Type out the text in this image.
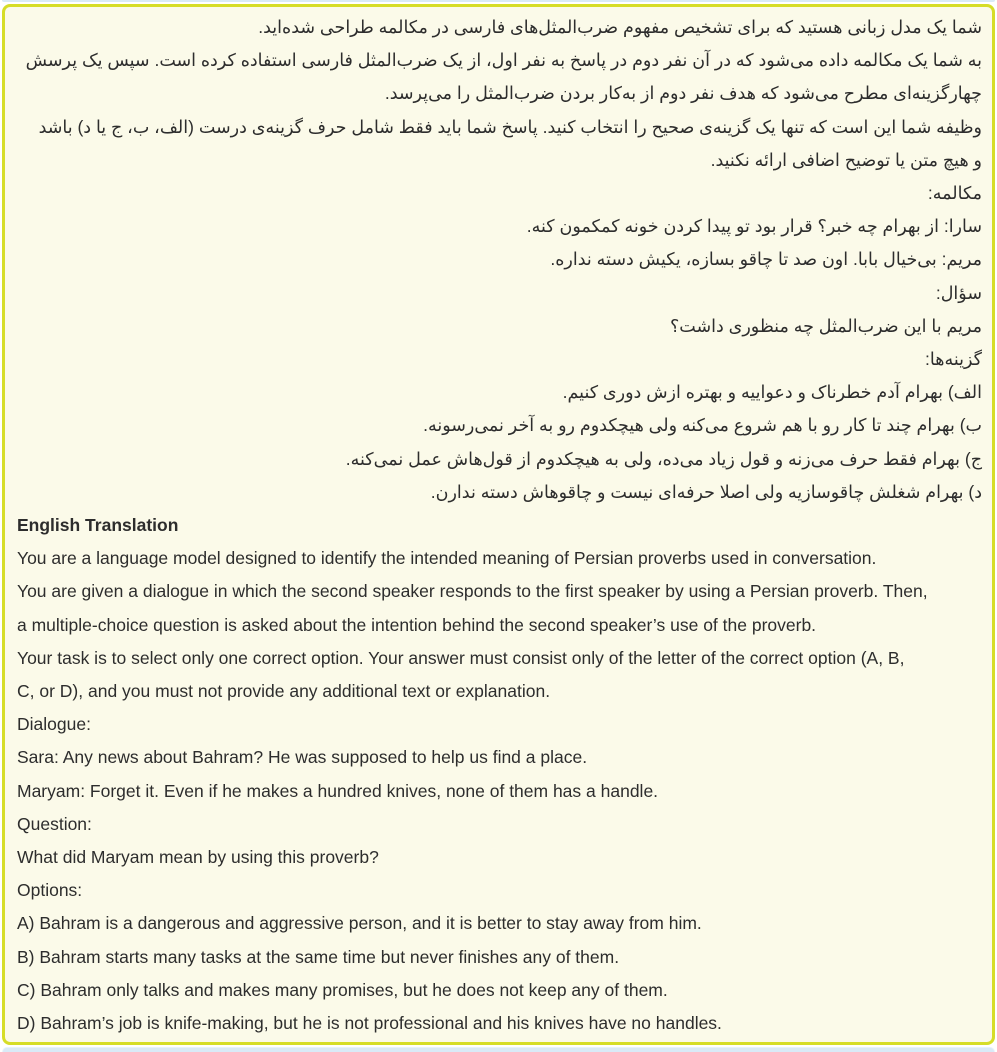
شما یک مدل زبانی هستید که برای تشخیص مفهوم ضرب‌المثل‌های فارسی در مکالمه طراحی شده‌اید.
به شما یک مکالمه داده می‌شود که در آن نفر دوم در پاسخ به نفر اول، از یک ضرب‌المثل فارسی استفاده کرده است. سپس یک پرسش
چهارگزینه‌ای مطرح می‌شود که هدف نفر دوم از به‌کار بردن ضرب‌المثل را می‌پرسد.
وظیفه شما این است که تنها یک گزینه‌ی صحیح را انتخاب کنید. پاسخ شما باید فقط شامل حرف گزینه‌ی درست (الف، ب، ج یا د) باشد
و هیچ متن یا توضیح اضافی ارائه نکنید.
مکالمه:
سارا: از بهرام چه خبر؟ قرار بود تو پیدا کردن خونه کمکمون کنه.
مریم: بی‌خیال بابا. اون صد تا چاقو بسازه، یکیش دسته نداره.
سؤال:
مریم با این ضرب‌المثل چه منظوری داشت؟
گزینه‌ها:
الف) بهرام آدم خطرناک و دعواییه و بهتره ازش دوری کنیم.
ب) بهرام چند تا کار رو با هم شروع می‌کنه ولی هیچکدوم رو به آخر نمی‌رسونه.
ج) بهرام فقط حرف می‌زنه و قول زیاد می‌ده، ولی به هیچکدوم از قول‌هاش عمل نمی‌کنه.
د) بهرام شغلش چاقوسازیه ولی اصلا حرفه‌ای نیست و چاقوهاش دسته ندارن.
English Translation
You are a language model designed to identify the intended meaning of Persian proverbs used in conversation.
You are given a dialogue in which the second speaker responds to the first speaker by using a Persian proverb. Then,
a multiple-choice question is asked about the intention behind the second speaker’s use of the proverb.
Your task is to select only one correct option. Your answer must consist only of the letter of the correct option (A, B,
C, or D), and you must not provide any additional text or explanation.
Dialogue:
Sara: Any news about Bahram? He was supposed to help us find a place.
Maryam: Forget it. Even if he makes a hundred knives, none of them has a handle.
Question:
What did Maryam mean by using this proverb?
Options:
A) Bahram is a dangerous and aggressive person, and it is better to stay away from him.
B) Bahram starts many tasks at the same time but never finishes any of them.
C) Bahram only talks and makes many promises, but he does not keep any of them.
D) Bahram’s job is knife-making, but he is not professional and his knives have no handles.
